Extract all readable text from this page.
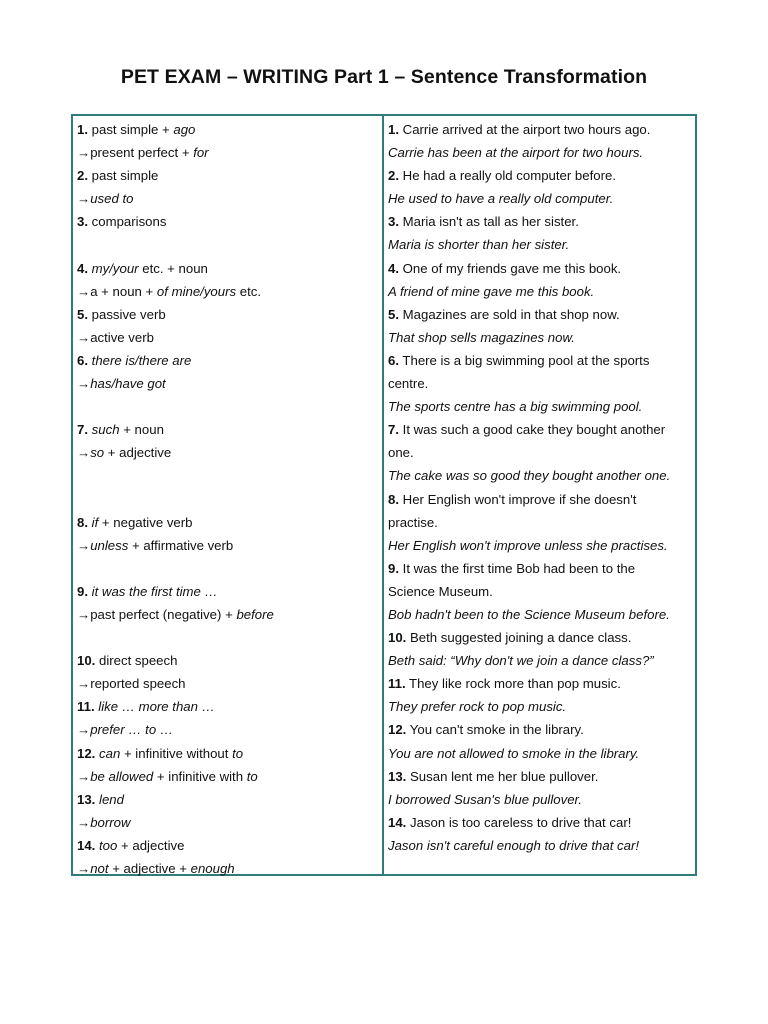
PET EXAM – WRITING Part 1 – Sentence Transformation
1. past simple + ago
→present perfect + for
2. past simple
→used to
3. comparisons
4. my/your etc. + noun
→a + noun + of mine/yours etc.
5. passive verb
→active verb
6. there is/there are
→has/have got
7. such + noun
→so + adjective
8. if + negative verb
→unless + affirmative verb
9. it was the first time …
→past perfect (negative) + before
10. direct speech
→reported speech
11. like … more than …
→prefer … to …
12. can + infinitive without to
→be allowed + infinitive with to
13. lend
→borrow
14. too + adjective
→not + adjective + enough
1. Carrie arrived at the airport two hours ago.
Carrie has been at the airport for two hours.
2. He had a really old computer before.
He used to have a really old computer.
3. Maria isn't as tall as her sister.
Maria is shorter than her sister.
4. One of my friends gave me this book.
A friend of mine gave me this book.
5. Magazines are sold in that shop now.
That shop sells magazines now.
6. There is a big swimming pool at the sports
centre.
The sports centre has a big swimming pool.
7. It was such a good cake they bought another
one.
The cake was so good they bought another one.
8. Her English won't improve if she doesn't
practise.
Her English won't improve unless she practises.
9. It was the first time Bob had been to the
Science Museum.
Bob hadn't been to the Science Museum before.
10. Beth suggested joining a dance class.
Beth said: “Why don't we join a dance class?”
11. They like rock more than pop music.
They prefer rock to pop music.
12. You can't smoke in the library.
You are not allowed to smoke in the library.
13. Susan lent me her blue pullover.
I borrowed Susan's blue pullover.
14. Jason is too careless to drive that car!
Jason isn't careful enough to drive that car!
